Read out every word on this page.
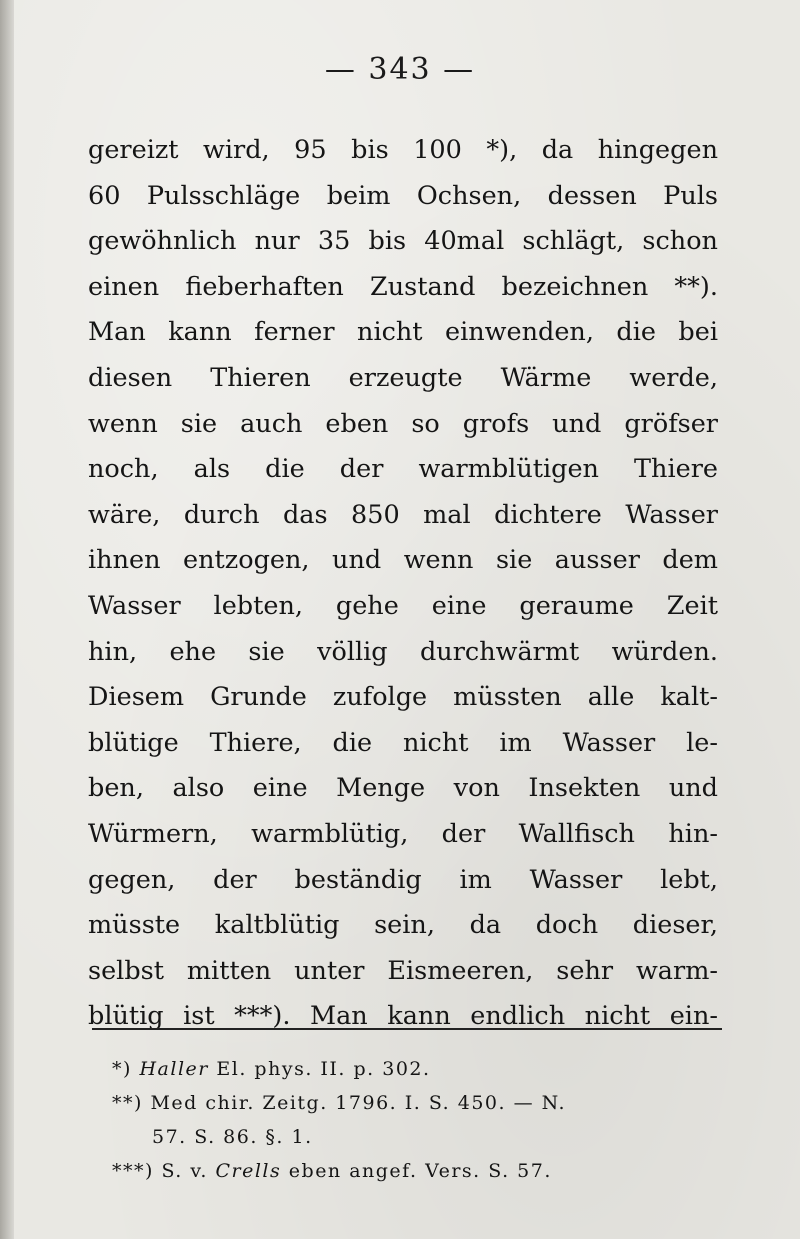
— 343 —
gereizt wird, 95 bis 100 *), da hingegen
60 Pulsschläge beim Ochsen, dessen Puls
gewöhnlich nur 35 bis 40mal schlägt, schon
einen fieberhaften Zustand bezeichnen **).
Man kann ferner nicht einwenden, die bei
diesen Thieren erzeugte Wärme werde,
wenn sie auch eben so grofs und gröfser
noch, als die der warmblütigen Thiere
wäre, durch das 850 mal dichtere Wasser
ihnen entzogen, und wenn sie ausser dem
Wasser lebten, gehe eine geraume Zeit
hin, ehe sie völlig durchwärmt würden.
Diesem Grunde zufolge müssten alle kalt-
blütige Thiere, die nicht im Wasser le-
ben, also eine Menge von Insekten und
Würmern, warmblütig, der Wallfisch hin-
gegen, der beständig im Wasser lebt,
müsste kaltblütig sein, da doch dieser,
selbst mitten unter Eismeeren, sehr warm-
blütig ist ***). Man kann endlich nicht ein-
*) Haller El. phys. II. p. 302.
**) Med chir. Zeitg. 1796. I. S. 450. — N.
57. S. 86. §. 1.
***) S. v. Crells eben angef. Vers. S. 57.
